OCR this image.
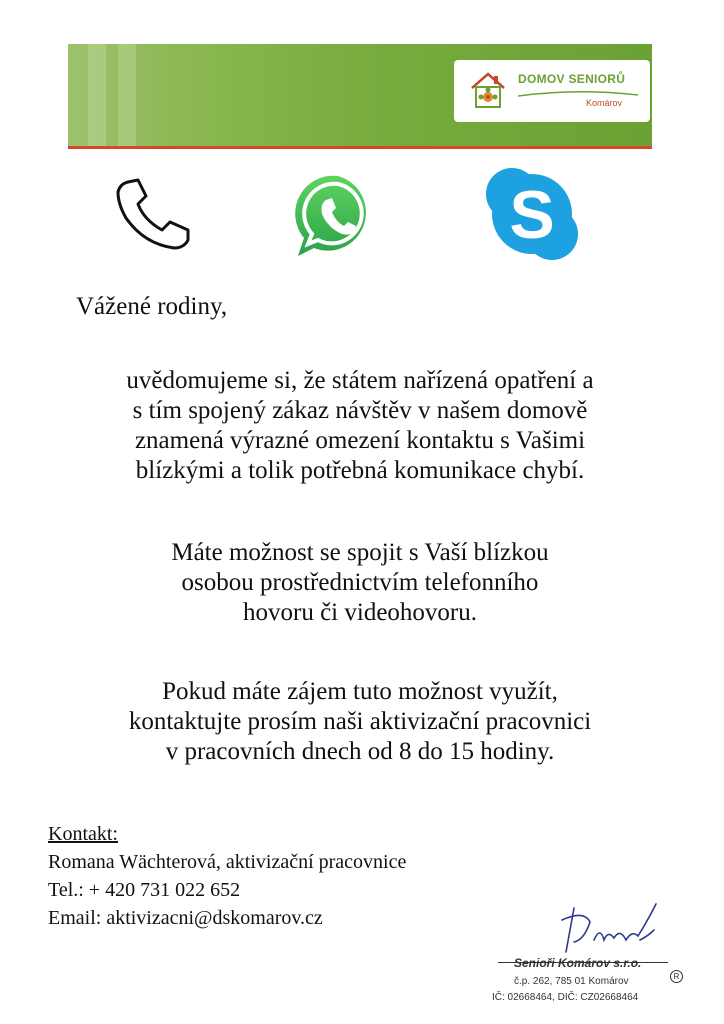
DOMOV SENIORŮ
Komárov
S
Vážené rodiny,

uvědomujeme si, že státem nařízená opatření a
s tím spojený zákaz návštěv v našem domově
znamená výrazné omezení kontaktu s Vašimi
blízkými a tolik potřebná komunikace chybí.

Máte možnost se spojit s Vaší blízkou
osobou prostřednictvím telefonního
hovoru či videohovoru.

Pokud máte zájem tuto možnost využít,
kontaktujte prosím naši aktivizační pracovnici
v pracovních dnech od 8 do 15 hodiny.

Kontakt:
Romana Wächterová, aktivizační pracovnice
Tel.: + 420 731 022 652
Email: aktivizacni@dskomarov.cz
Senioři Komárov s.r.o.
R
č.p. 262, 785 01 Komárov
IČ: 02668464, DIČ: CZ02668464
